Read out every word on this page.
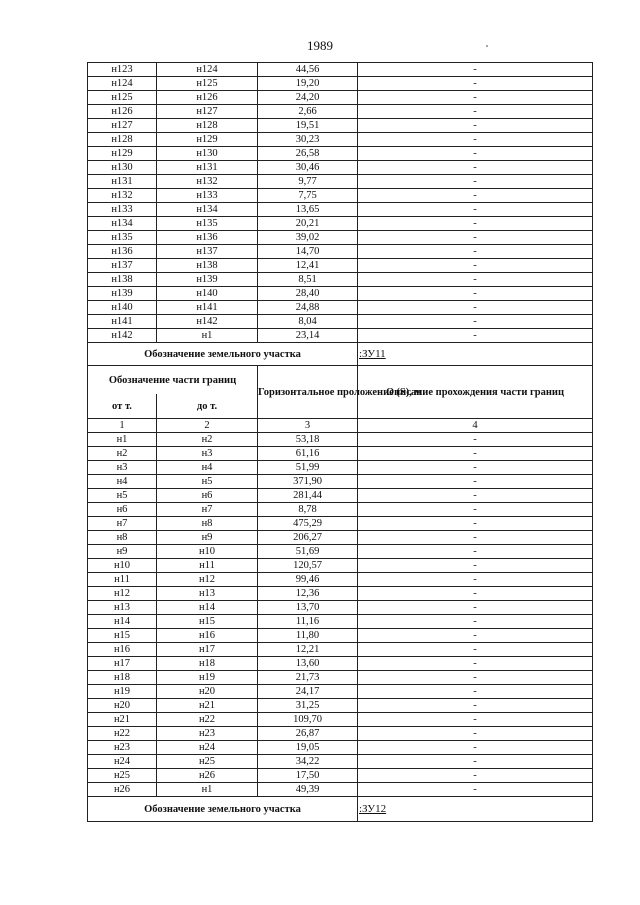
1989
н123	н124	44,56	-
н124	н125	19,20	-
н125	н126	24,20	-
н126	н127	2,66	-
н127	н128	19,51	-
н128	н129	30,23	-
н129	н130	26,58	-
н130	н131	30,46	-
н131	н132	9,77	-
н132	н133	7,75	-
н133	н134	13,65	-
н134	н135	20,21	-
н135	н136	39,02	-
н136	н137	14,70	-
н137	н138	12,41	-
н138	н139	8,51	-
н139	н140	28,40	-
н140	н141	24,88	-
н141	н142	8,04	-
н142	н1	23,14	-
Обозначение земельного участка			:ЗУ11
Обозначение части границ		Горизонтальное проложение (S), м	Описание прохождения части границ
от т.	до т.		
1	2	3	4
н1	н2	53,18	-
н2	н3	61,16	-
н3	н4	51,99	-
н4	н5	371,90	-
н5	н6	281,44	-
н6	н7	8,78	-
н7	н8	475,29	-
н8	н9	206,27	-
н9	н10	51,69	-
н10	н11	120,57	-
н11	н12	99,46	-
н12	н13	12,36	-
н13	н14	13,70	-
н14	н15	11,16	-
н15	н16	11,80	-
н16	н17	12,21	-
н17	н18	13,60	-
н18	н19	21,73	-
н19	н20	24,17	-
н20	н21	31,25	-
н21	н22	109,70	-
н22	н23	26,87	-
н23	н24	19,05	-
н24	н25	34,22	-
н25	н26	17,50	-
н26	н1	49,39	-
Обозначение земельного участка			:ЗУ12
